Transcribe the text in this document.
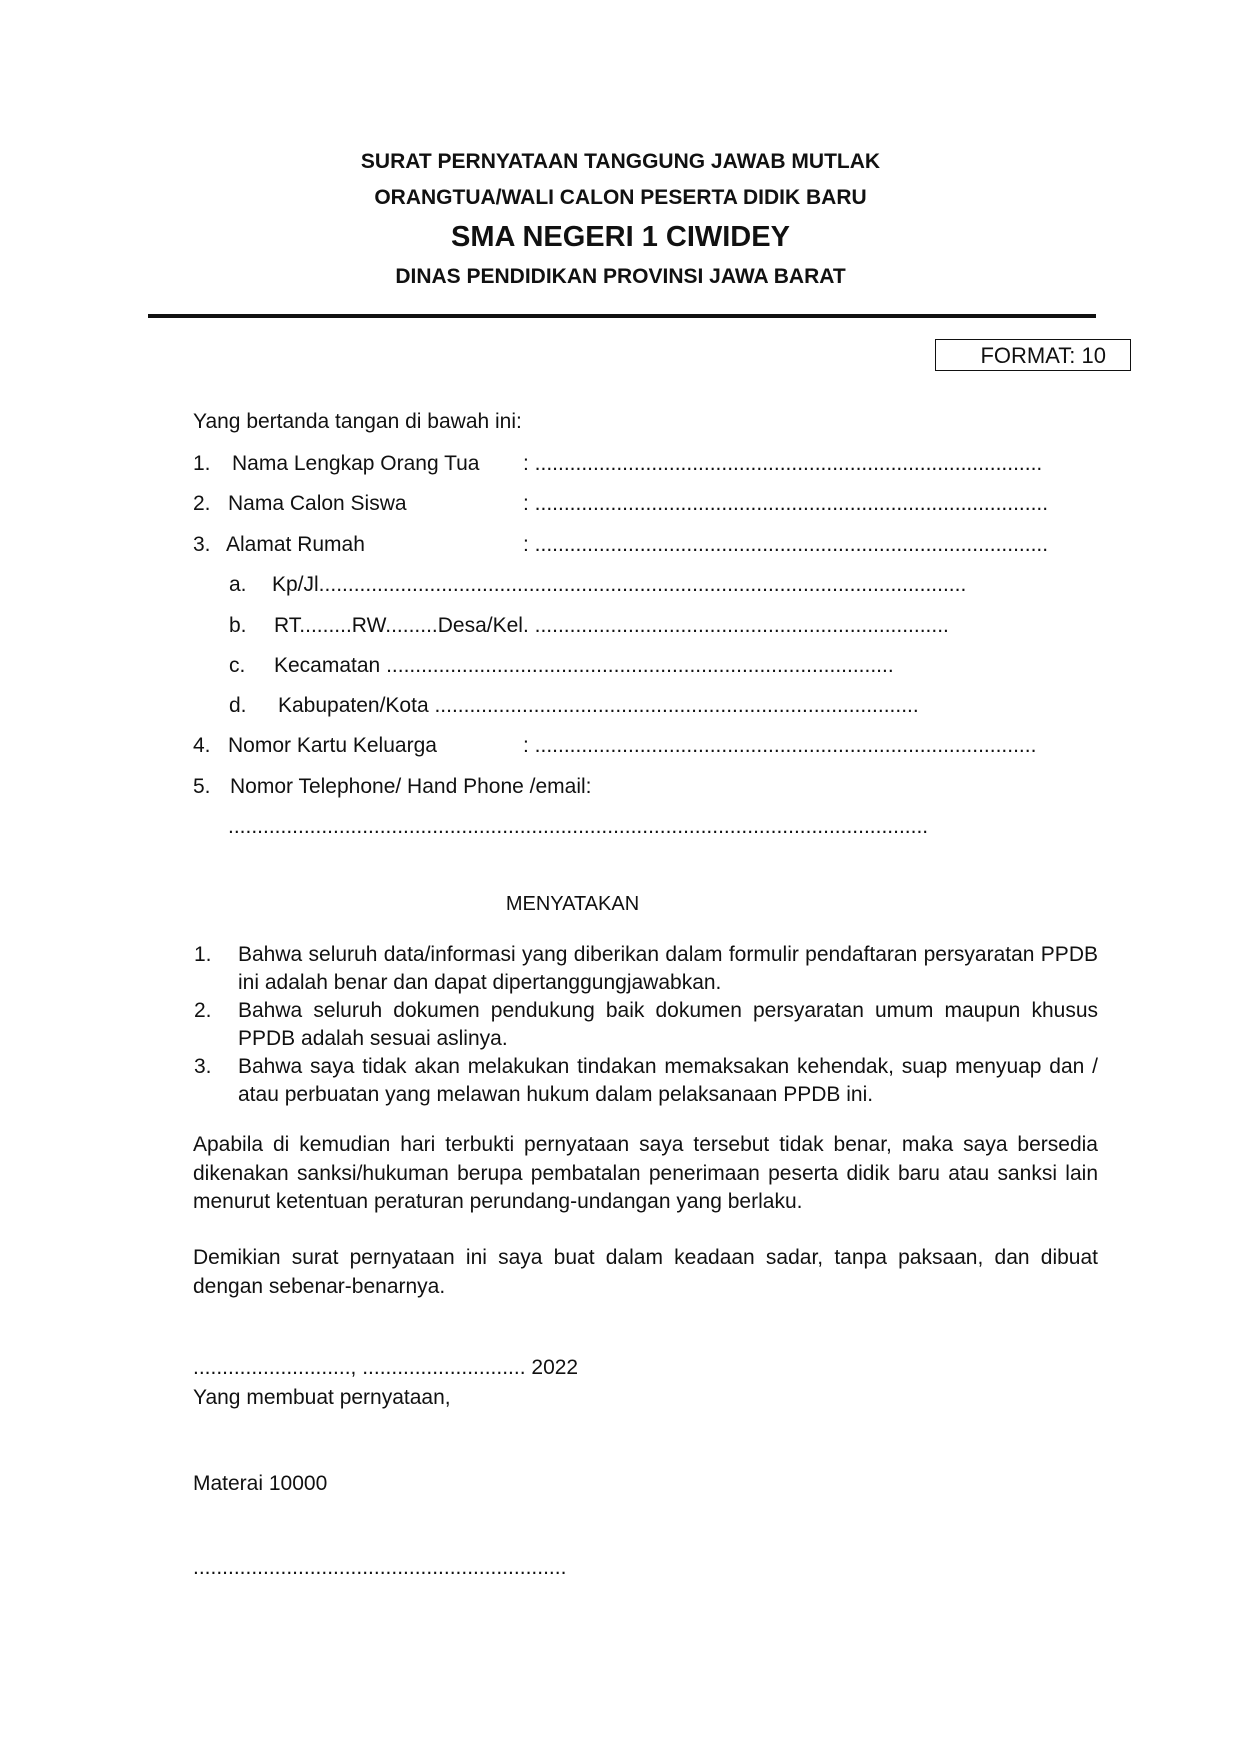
SURAT PERNYATAAN TANGGUNG JAWAB MUTLAK
ORANGTUA/WALI CALON PESERTA DIDIK BARU
SMA NEGERI 1 CIWIDEY
DINAS PENDIDIKAN PROVINSI JAWA BARAT
FORMAT: 10
Yang bertanda tangan di bawah ini:
1. Nama Lengkap Orang Tua : .......................................................................................
2. Nama Calon Siswa	: ........................................................................................
3. Alamat Rumah	: ........................................................................................
a. Kp/Jl...............................................................................................................
b. RT.........RW.........Desa/Kel. .......................................................................
c. Kecamatan .......................................................................................
d. Kabupaten/Kota ...................................................................................
4. Nomor Kartu Keluarga	: ......................................................................................
5. Nomor Telephone/ Hand Phone /email:
........................................................................................................................
MENYATAKAN
1. Bahwa seluruh data/informasi yang diberikan dalam formulir pendaftaran persyaratan PPDB ini adalah benar dan dapat dipertanggungjawabkan.
2. Bahwa seluruh dokumen pendukung baik dokumen persyaratan umum maupun khusus PPDB adalah sesuai aslinya.
3. Bahwa saya tidak akan melakukan tindakan memaksakan kehendak, suap menyuap dan / atau perbuatan yang melawan hukum dalam pelaksanaan PPDB ini.
Apabila di kemudian hari terbukti pernyataan saya tersebut tidak benar, maka saya bersedia dikenakan sanksi/hukuman berupa pembatalan penerimaan peserta didik baru atau sanksi lain menurut ketentuan peraturan perundang-undangan yang berlaku.
Demikian surat pernyataan ini saya buat dalam keadaan sadar, tanpa paksaan, dan dibuat dengan sebenar-benarnya.
..........................., ............................ 2022
Yang membuat pernyataan,
Materai 10000
................................................................
